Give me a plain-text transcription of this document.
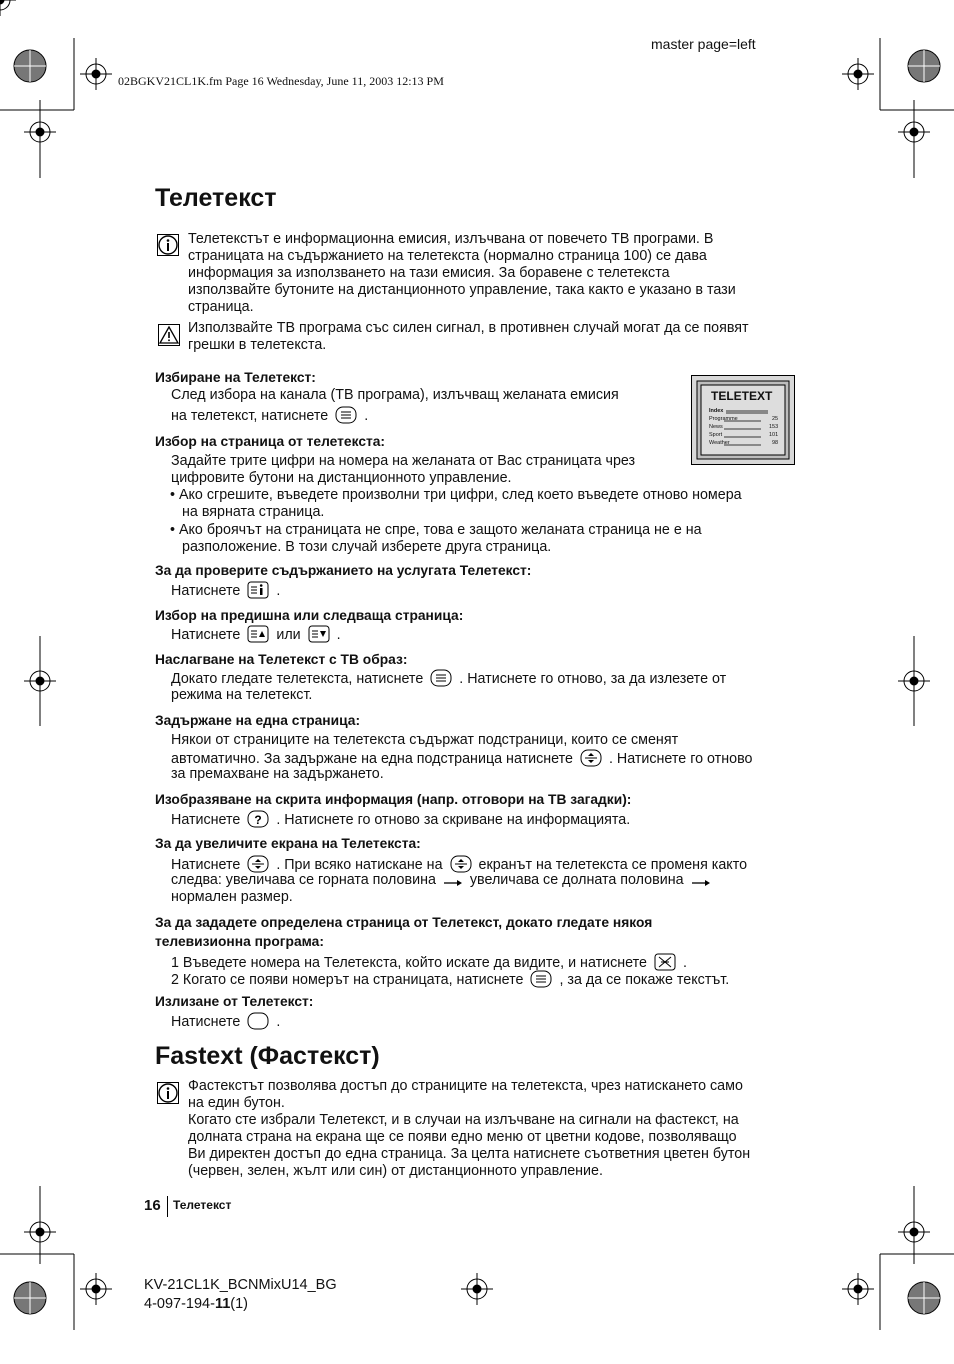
02BGKV21CL1K.fm Page 16 Wednesday, June 11, 2003 12:13 PM
master page=left
Телетекст
Телетекстът е информационна емисия, излъчвана от повечето ТВ програми. В
страницата на съдържанието на телетекста (нормално страница 100) се дава
информация за използването на тази емисия. За боравене с телетекста
използвайте бутоните на дистанционното управление, така както е указано в тази
страница.
Използвайте ТВ програма със силен сигнал, в противнен случай могат да се появят
грешки в телетекста.
TELETEXT
Index
Programme	25
News	153
Sport	101
Weather	98
Избиране на Телетекст:
След избора на канала (ТВ програма), излъчващ желаната емисия
на телетекст, натиснете	.
Избор на страница от телетекста:
Задайте трите цифри на номера на желаната от Вас страницата чрез
цифровите бутони на дистанционното управление.
• Ако сгрешите, въведете произволни три цифри, след което въведете отново номера
на вярната страница.
• Ако броячът на страницата не спре, това е защото желаната страница не е на
разположение. В този случай изберете друга страница.
За да проверите съдържанието на услугата Телетекст:
Натиснете	.
Избор на предишна или следваща страница:
Натиснете	или	.
Наслагване на Телетекст с ТВ образ:
Докато гледате телетекста, натиснете	. Натиснете го отново, за да излезете от
режима на телетекст.
Задържане на една страница:
Някои от страниците на телетекста съдържат подстраници, които се сменят
автоматично. За задържане на една подстраница натиснете	. Натиснете го отново
за премахване на задържането.
Изобразяване на скрита информация (напр. отговори на ТВ загадки):
Натиснете ? . Натиснете го отново за скриване на информацията.
За да увеличите екрана на Телетекста:
Натиснете	. При всяко натискане на	екранът на телетекста се променя както
следва: увеличава се горната половина увеличава се долната половина
нормален размер.
За да зададете определена страница от Телетекст, докато гледате някоя
телевизионна програма:
1 Въведете номера на Телетекста, който искате да видите, и натиснете	.
2 Когато се появи номерът на страницата, натиснете	, за да се покаже текстът.
Излизане от Телетекст:
Натиснете	.
Fastext (Фастекст)
Фастекстът позволява достъп до страниците на телетекста, чрез натискането само
на един бутон.
Когато сте избрали Телетекст, и в случаи на излъчване на сигнали на фастекст, на
долната страна на екрана ще се появи едно меню от цветни кодове, позволяващо
Ви директен достъп до една страница. За целта натиснете съответния цветен бутон
(червен, зелен, жълт или син) от дистанционното управление.
16 Телетекст
KV-21CL1K_BCNMixU14_BG
4-097-194-11(1)
